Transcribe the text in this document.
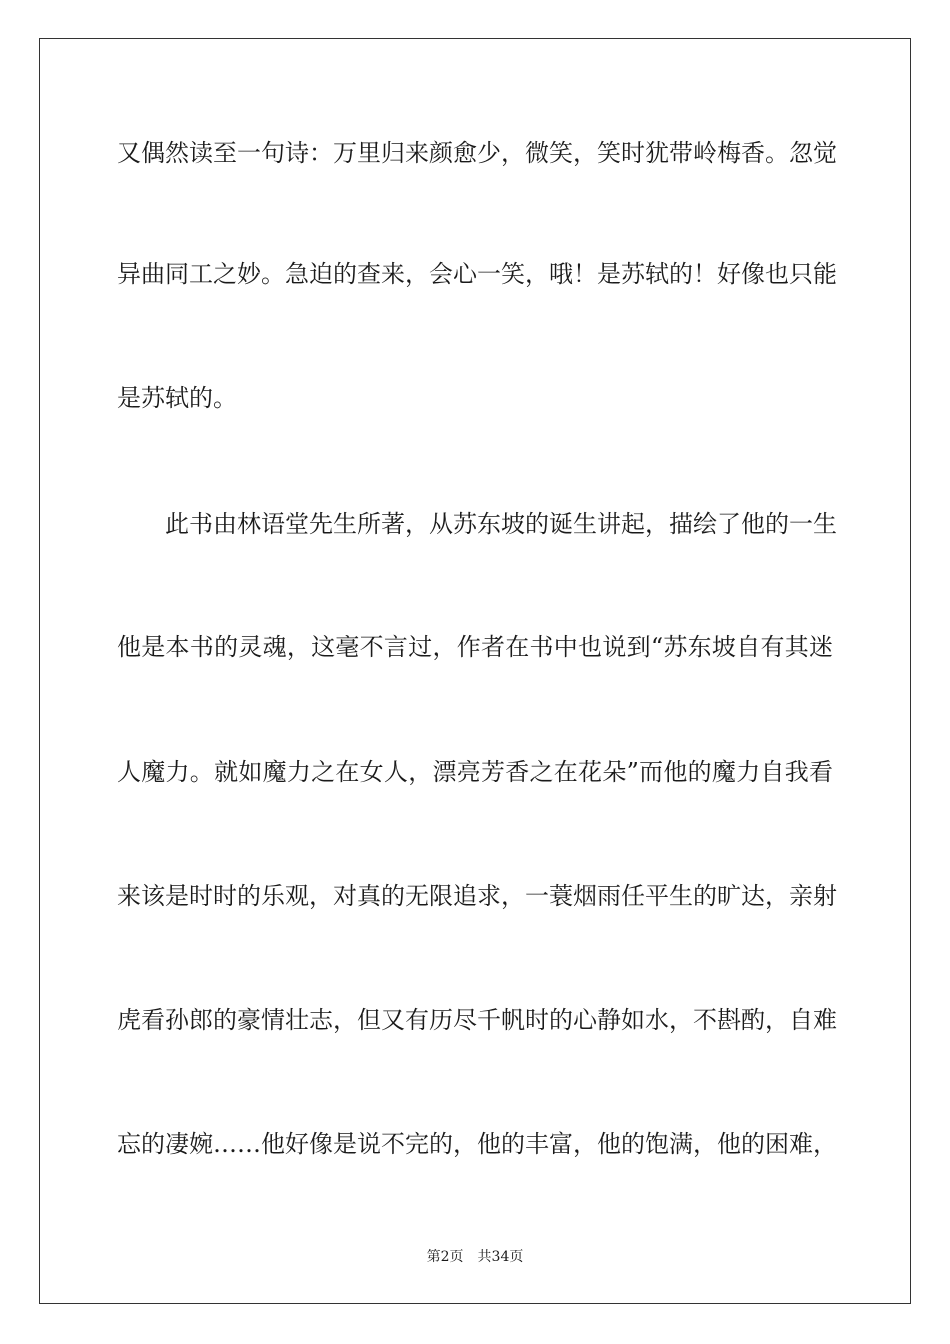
又偶然读至一句诗：万里归来颜愈少，微笑，笑时犹带岭梅香。忽觉
异曲同工之妙。急迫的查来，会心一笑，哦！是苏轼的！好像也只能
是苏轼的。
此书由林语堂先生所著，从苏东坡的诞生讲起，描绘了他的一生
他是本书的灵魂，这毫不言过，作者在书中也说到“苏东坡自有其迷
人魔力。就如魔力之在女人，漂亮芳香之在花朵”而他的魔力自我看
来该是时时的乐观，对真的无限追求，一蓑烟雨任平生的旷达，亲射
虎看孙郎的豪情壮志，但又有历尽千帆时的心静如水，不斟酌，自难
忘的凄婉……他好像是说不完的，他的丰富，他的饱满，他的困难，
第2页 共34页
